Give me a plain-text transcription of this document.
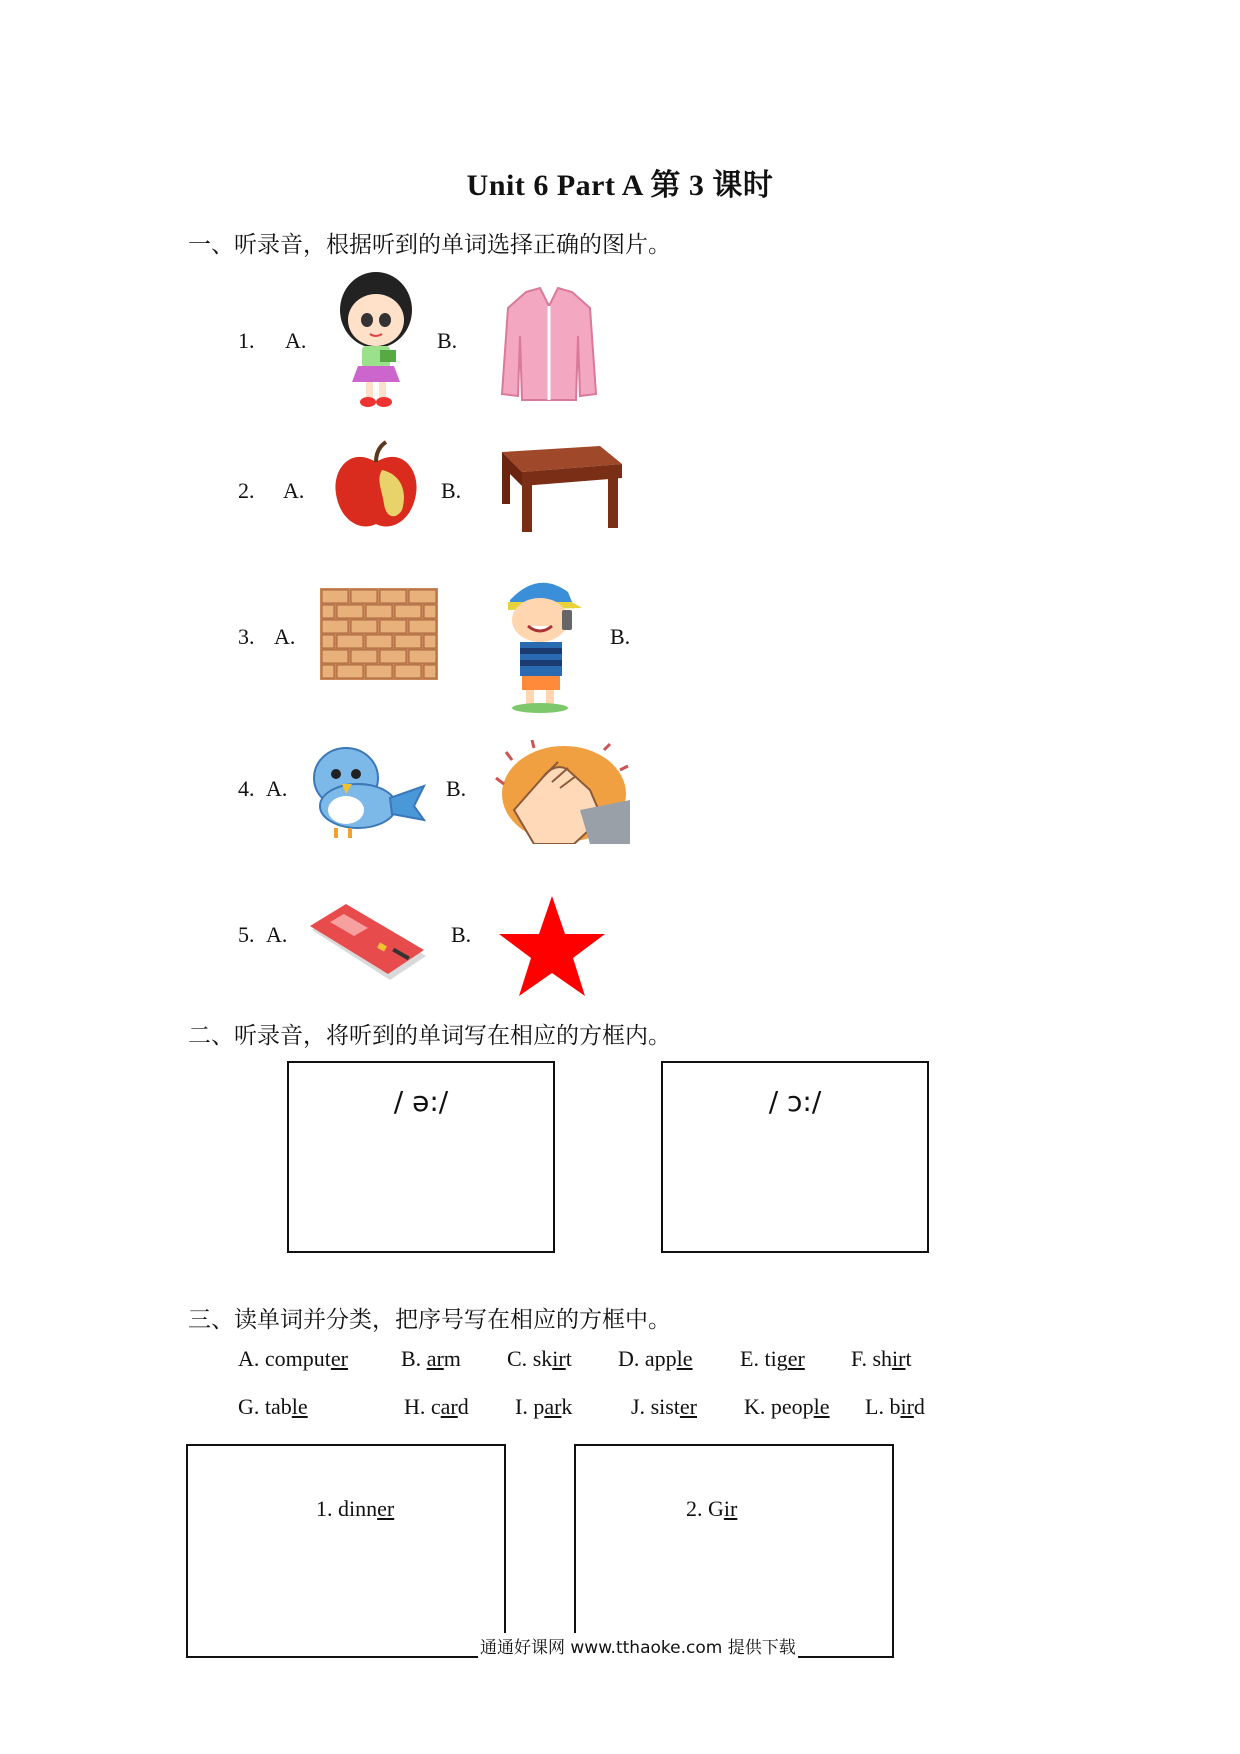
Unit 6 Part A 第 3 课时
一、听录音，根据听到的单词选择正确的图片。
1. A.	B.
2. A.	B.
3. A.	B.
4. A.	B.
5. A.	B.
二、听录音，将听到的单词写在相应的方框内。
/ ə:/	/ ɔ:/
三、读单词并分类，把序号写在相应的方框中。
A. computer B. arm C. skirt D. apple E. tiger F. shirt
G. table	H. card I. park	J. sister K. people L. bird
1. dinner	2. Gir
通通好课网 www.tthaoke.com 提供下载
